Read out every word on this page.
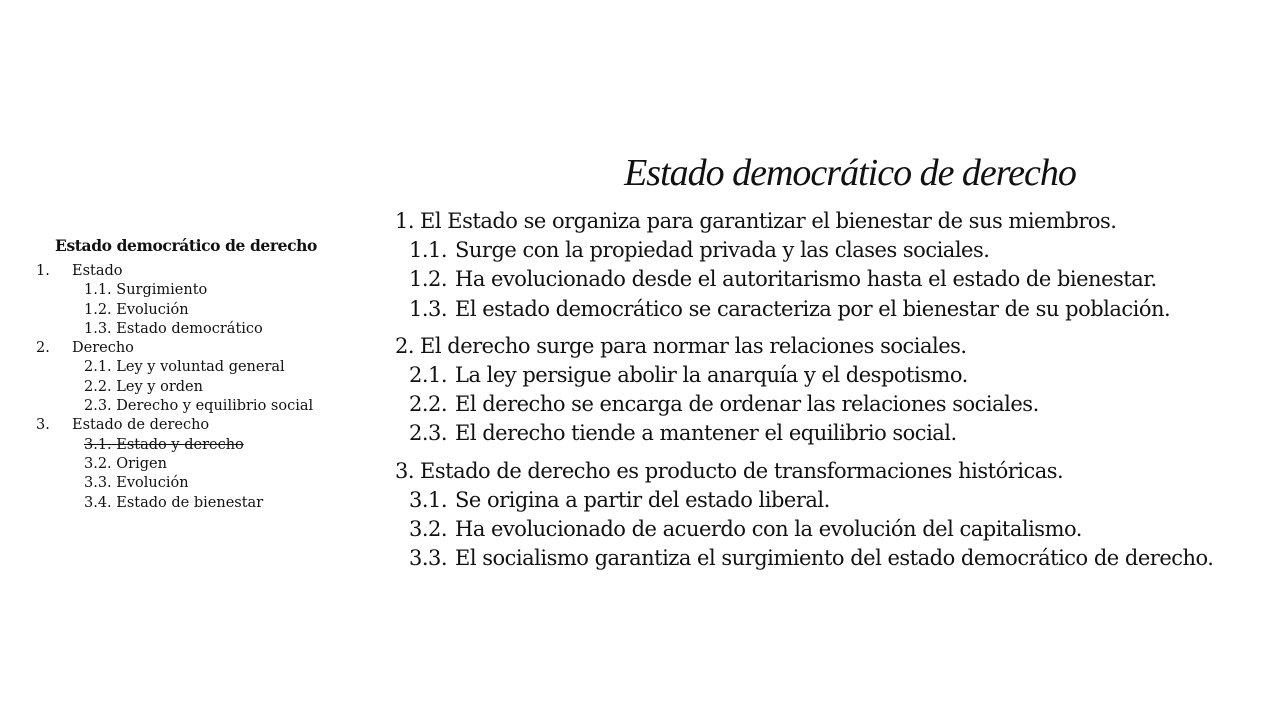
Estado democrático de derecho
1.	Estado
1.1. Surgimiento
1.2. Evolución
1.3. Estado democrático
2.	Derecho
2.1. Ley y voluntad general
2.2. Ley y orden
2.3. Derecho y equilibrio social
3.	Estado de derecho
3.1. Estado y derecho
3.2. Origen
3.3. Evolución
3.4. Estado de bienestar
Estado democrático de derecho
1. El Estado se organiza para garantizar el bienestar de sus miembros.
1.1. Surge con la propiedad privada y las clases sociales.
1.2. Ha evolucionado desde el autoritarismo hasta el estado de bienestar.
1.3. El estado democrático se caracteriza por el bienestar de su población.
2. El derecho surge para normar las relaciones sociales.
2.1. La ley persigue abolir la anarquía y el despotismo.
2.2. El derecho se encarga de ordenar las relaciones sociales.
2.3. El derecho tiende a mantener el equilibrio social.
3. Estado de derecho es producto de transformaciones históricas.
3.1. Se origina a partir del estado liberal.
3.2. Ha evolucionado de acuerdo con la evolución del capitalismo.
3.3. El socialismo garantiza el surgimiento del estado democrático de derecho.
